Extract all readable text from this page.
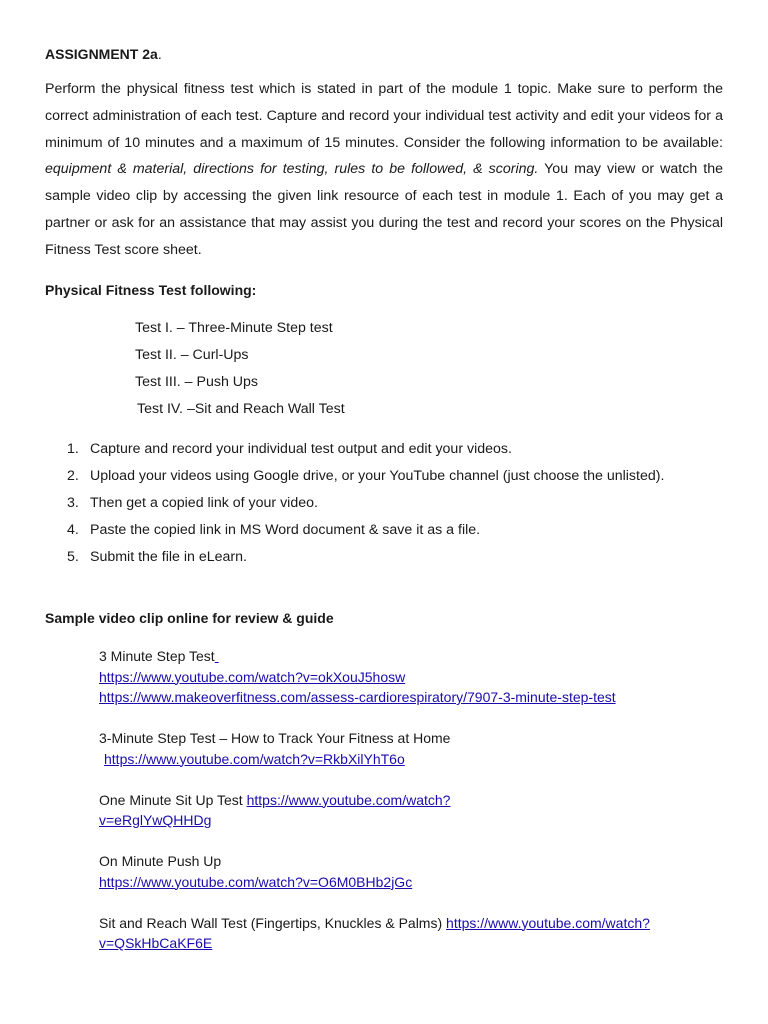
ASSIGNMENT 2a.
Perform the physical fitness test which is stated in part of the module 1 topic. Make sure to perform the correct administration of each test. Capture and record your individual test activity and edit your videos for a minimum of 10 minutes and a maximum of 15 minutes. Consider the following information to be available: equipment & material, directions for testing, rules to be followed, & scoring. You may view or watch the sample video clip by accessing the given link resource of each test in module 1. Each of you may get a partner or ask for an assistance that may assist you during the test and record your scores on the Physical Fitness Test score sheet.
Physical Fitness Test following:
Test I. – Three-Minute Step test
Test II. – Curl-Ups
Test III. – Push Ups
Test IV. –Sit and Reach Wall Test
1. Capture and record your individual test output and edit your videos.
2. Upload your videos using Google drive, or your YouTube channel (just choose the unlisted).
3. Then get a copied link of your video.
4. Paste the copied link in MS Word document & save it as a file.
5. Submit the file in eLearn.
Sample video clip online for review & guide
3 Minute Step Test
https://www.youtube.com/watch?v=okXouJ5hosw
https://www.makeoverfitness.com/assess-cardiorespiratory/7907-3-minute-step-test
3-Minute Step Test – How to Track Your Fitness at Home
https://www.youtube.com/watch?v=RkbXilYhT6o
One Minute Sit Up Test https://www.youtube.com/watch?
v=eRglYwQHHDg
On Minute Push Up
https://www.youtube.com/watch?v=O6M0BHb2jGc
Sit and Reach Wall Test (Fingertips, Knuckles & Palms) https://www.youtube.com/watch?
v=QSkHbCaKF6E
